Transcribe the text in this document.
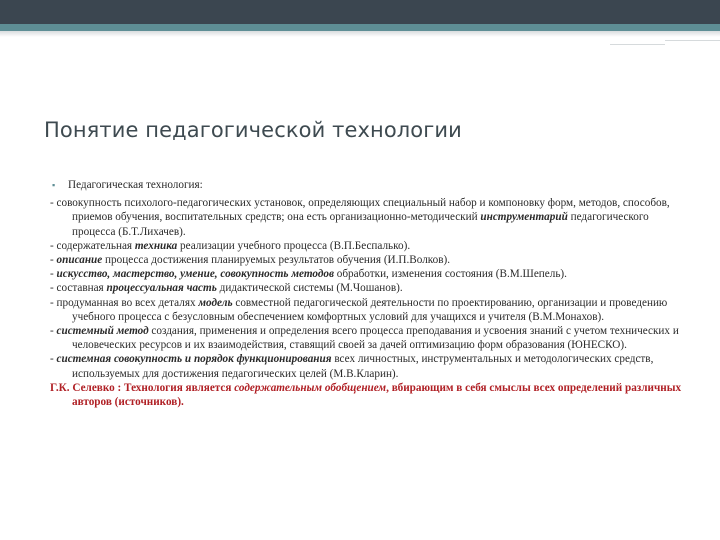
Понятие педагогической технологии
▪ Педагогическая технология:

- совокупность психолого-педагогических установок, определяющих специальный набор и компоновку форм, методов, способов, приемов обучения, воспитательных средств; она есть организационно-методический инструментарий педагогического процесса (Б.Т.Лихачев).

- содержательная техника реализации учебного процесса (В.П.Беспалько).

- описание процесса достижения планируемых результатов обучения (И.П.Волков).

- искусство, мастерство, умение, совокупность методов обработки, изменения состояния (В.М.Шепель).

- составная процессуальная часть дидактической системы (М.Чошанов).

- продуманная во всех деталях модель совместной педагогической деятельности по проектированию, организации и проведению учебного процесса с безусловным обеспечением комфортных условий для учащихся и учителя (В.М.Монахов).

- системный метод создания, применения и определения всего процесса преподавания и усвоения знаний с учетом технических и человеческих ресурсов и их взаимодействия, ставящий своей за дачей оптимизацию форм образования (ЮНЕСКО).

- системная совокупность и порядок функционирования всех личностных, инструментальных и методологических средств, используемых для достижения педагогических целей (М.В.Кларин).

Г.К. Селевко : Технология является содержательным обобщением, вбирающим в себя смыслы всех определений различных авторов (источников).
